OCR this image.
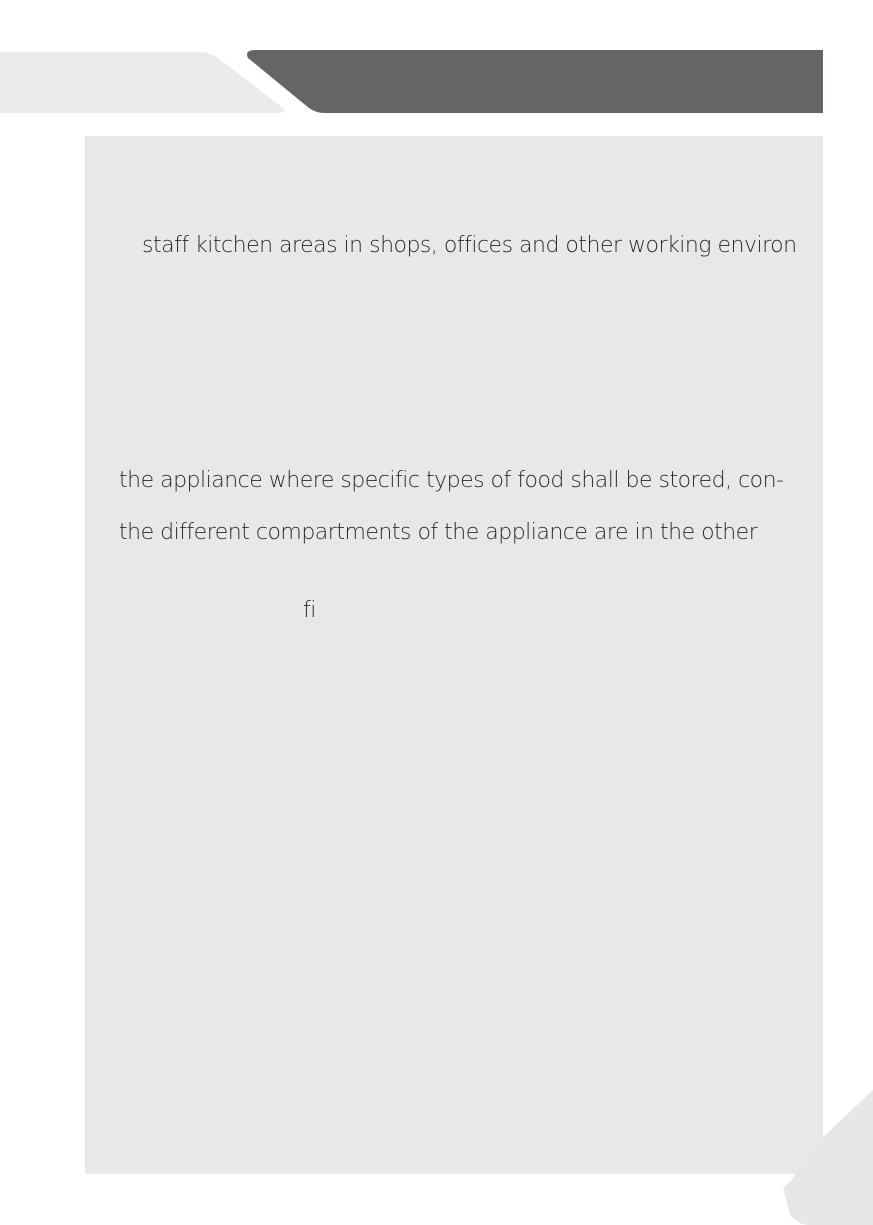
staff kitchen areas in shops, offices and other working environ

the appliance where specific types of food shall be stored, con-

the different compartments of the appliance are in the other

fi
